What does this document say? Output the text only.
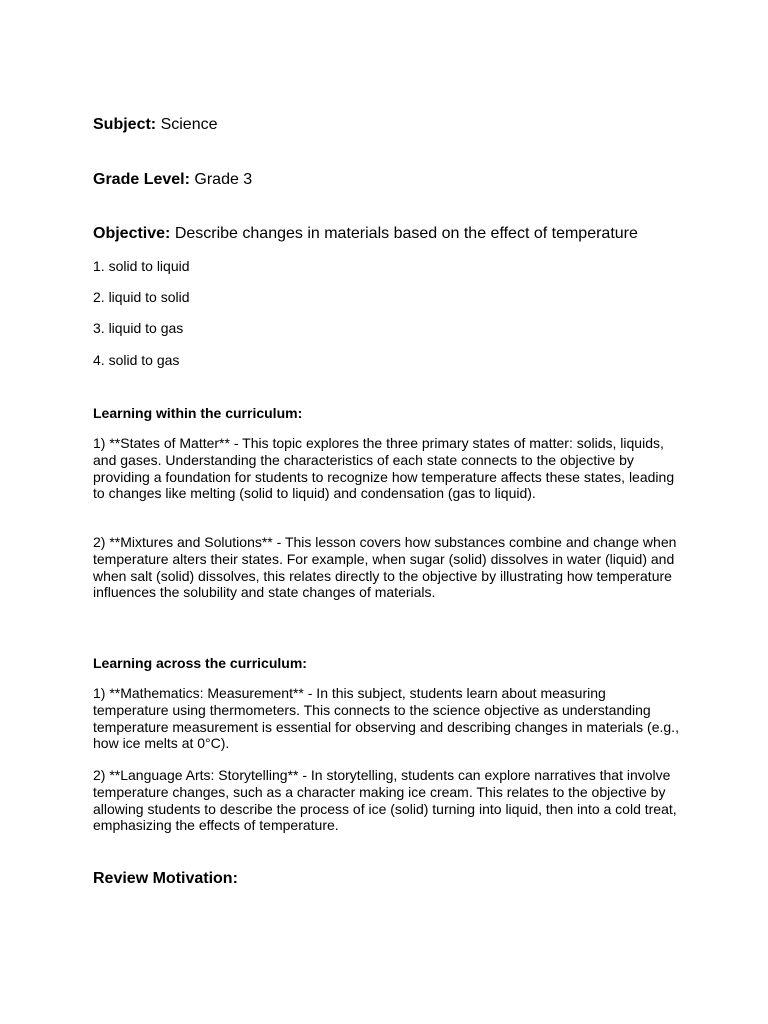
Subject: Science
Grade Level: Grade 3
Objective: Describe changes in materials based on the effect of temperature
1. solid to liquid
2. liquid to solid
3. liquid to gas
4. solid to gas
Learning within the curriculum:
1) **States of Matter** - This topic explores the three primary states of matter: solids, liquids, and gases. Understanding the characteristics of each state connects to the objective by providing a foundation for students to recognize how temperature affects these states, leading to changes like melting (solid to liquid) and condensation (gas to liquid).
2) **Mixtures and Solutions** - This lesson covers how substances combine and change when temperature alters their states. For example, when sugar (solid) dissolves in water (liquid) and when salt (solid) dissolves, this relates directly to the objective by illustrating how temperature influences the solubility and state changes of materials.
Learning across the curriculum:
1) **Mathematics: Measurement** - In this subject, students learn about measuring temperature using thermometers. This connects to the science objective as understanding temperature measurement is essential for observing and describing changes in materials (e.g., how ice melts at 0°C).
2) **Language Arts: Storytelling** - In storytelling, students can explore narratives that involve temperature changes, such as a character making ice cream. This relates to the objective by allowing students to describe the process of ice (solid) turning into liquid, then into a cold treat, emphasizing the effects of temperature.
Review Motivation:
